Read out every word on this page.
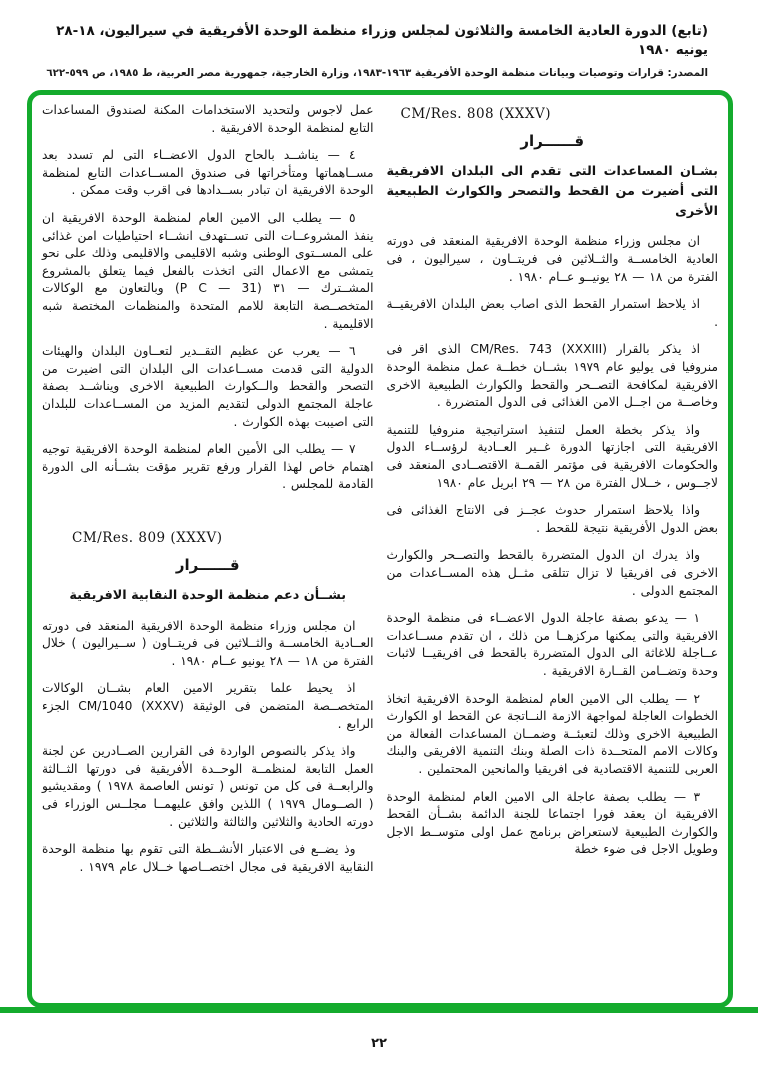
(تابع) الدورة العادية الخامسة والثلاثون لمجلس وزراء منظمة الوحدة الأفريقية في سيراليون، ١٨-٢٨ يونيه ١٩٨٠
المصدر: قرارات وتوصيات وبيانات منظمة الوحدة الأفريقية ١٩٦٣-١٩٨٣، وزارة الخارجية، جمهورية مصر العربية، ط ١٩٨٥، ص ٥٩٩-٦٢٢
CM/Res. 808 (XXXV)
قــــــرار
بشـان المساعدات التى تقدم الى البلدان الافريقية التى أضيرت من القحط والتصحر والكوارث الطبيعية الأخرى

ان مجلس وزراء منظمة الوحدة الافريقية المنعقد فى دورته العادية الخامســة والثــلاثين فى فريتــاون ، سيراليون ، فى الفترة من ١٨ — ٢٨ يونيــو عــام ١٩٨٠ .

اذ يلاحظ استمرار القحط الذى اصاب بعض البلدان الافريقيــة .

اذ يذكر بالقرار CM/Res. 743 (XXXIII) الذى اقر فى منروفيا فى يوليو عام ١٩٧٩ بشــان خطــة عمل منظمة الوحدة الافريقية لمكافحة التصــحر والقحط والكوارث الطبيعية الاخرى وخاصــة من اجــل الامن الغذائى فى الدول المتضررة .

واذ يذكر بخطة العمل لتنفيذ استراتيجية منروفيا للتنمية الافريقية التى اجازتها الدورة غــير العــادية لرؤســاء الدول والحكومات الافريقية فى مؤتمر القمــة الاقتصــادى المنعقد فى لاجــوس ، خــلال الفترة من ٢٨ — ٢٩ ابريل عام ١٩٨٠

واذا يلاحظ استمرار حدوث عجــز فى الانتاج الغذائى فى بعض الدول الأفريقية نتيجة للقحط .

واذ يدرك ان الدول المتضررة بالقحط والتصــحر والكوارث الاخرى فى افريقيا لا تزال تتلقى مثــل هذه المســاعدات من المجتمع الدولى .

١ — يدعو بصفة عاجلة الدول الاعضــاء فى منظمة الوحدة الافريقية والتى يمكنها مركزهــا من ذلك ، ان تقدم مســاعدات عــاجلة للاغاثة الى الدول المتضررة بالقحط فى افريقيــا لاثبات وحدة وتضــامن القــارة الافريقية .

٢ — يطلب الى الامين العام لمنظمة الوحدة الافريقية اتخاذ الخطوات العاجلة لمواجهة الازمة النــاتجة عن القحط او الكوارث الطبيعية الاخرى وذلك لتعبئــة وضمــان المساعدات الفعالة من وكالات الامم المتحــدة ذات الصلة وبنك التنمية الافريقى والبنك العربى للتنمية الاقتصادية فى افريقيا والمانحين المحتملين .

٣ — يطلب بصفة عاجلة الى الامين العام لمنظمة الوحدة الافريقية ان يعقد فورا اجتماعا للجنة الدائمة بشــأن القحط والكوارث الطبيعية لاستعراض برنامج عمل اولى متوســط الاجل وطويل الاجل فى ضوء خطة

عمل لاجوس ولتحديد الاستخدامات المكنة لصندوق المساعدات التابع لمنظمة الوحدة الافريقية .

٤ — يناشــد بالحاح الدول الاعضــاء التى لم تسدد بعد مســاهماتها ومتأخراتها فى صندوق المســاعدات التابع لمنظمة الوحدة الافريقية ان تبادر بســدادها فى اقرب وقت ممكن .

٥ — يطلب الى الامين العام لمنظمة الوحدة الافريقية ان ينفذ المشروعــات التى تســتهدف انشــاء احتياطيات امن غذائى على المســتوى الوطنى وشبه الاقليمى والاقليمى وذلك على نحو يتمشى مع الاعمال التى اتخذت بالفعل فيما يتعلق بالمشروع المشــترك — ٣١ (P C — 31) وبالتعاون مع الوكالات المتخصــصة التابعة للامم المتحدة والمنظمات المختصة شبه الاقليمية .

٦ — يعرب عن عظيم التقــدير لتعــاون البلدان والهيئات الدولية التى قدمت مســاعدات الى البلدان التى اضيرت من التصحر والقحط والــكوارث الطبيعية الاخرى ويناشــد بصفة عاجلة المجتمع الدولى لتقديم المزيد من المســاعدات للبلدان التى اصيبت بهذه الكوارث .

٧ — يطلب الى الأمين العام لمنظمة الوحدة الافريقية توجيه اهتمام خاص لهذا القرار ورفع تقرير مؤقت بشــأنه الى الدورة القادمة للمجلس .

CM/Res. 809 (XXXV)
قــــــرار
بشــأن دعم منظمة الوحدة النقابية الافريقية

ان مجلس وزراء منظمة الوحدة الافريقية المنعقد فى دورته العــادية الخامســة والثــلاثين فى فريتــاون ( ســيراليون ) خلال الفترة من ١٨ — ٢٨ يونيو عــام ١٩٨٠ .

اذ يحيط علما بتقرير الامين العام بشــان الوكالات المتخصــصة المتضمن فى الوثيقة CM/1040 (XXXV) الجزء الرابع .

واذ يذكر بالنصوص الواردة فى القرارين الصــادرين عن لجنة العمل التابعة لمنظمــة الوحــدة الأفريقية فى دورتها الثــالثة والرابعــة فى كل من تونس ( تونس العاصمة ١٩٧٨ ) ومقديشيو ( الصــومال ١٩٧٩ ) اللذين وافق عليهمــا مجلــس الوزراء فى دورته الحادية والثلاثين والثالثة والثلاثين .

وذ يضــع فى الاعتبار الأنشــطة التى تقوم بها منظمة الوحدة النقابية الافريقية فى مجال اختصــاصها خــلال عام ١٩٧٩ .

٢٢
